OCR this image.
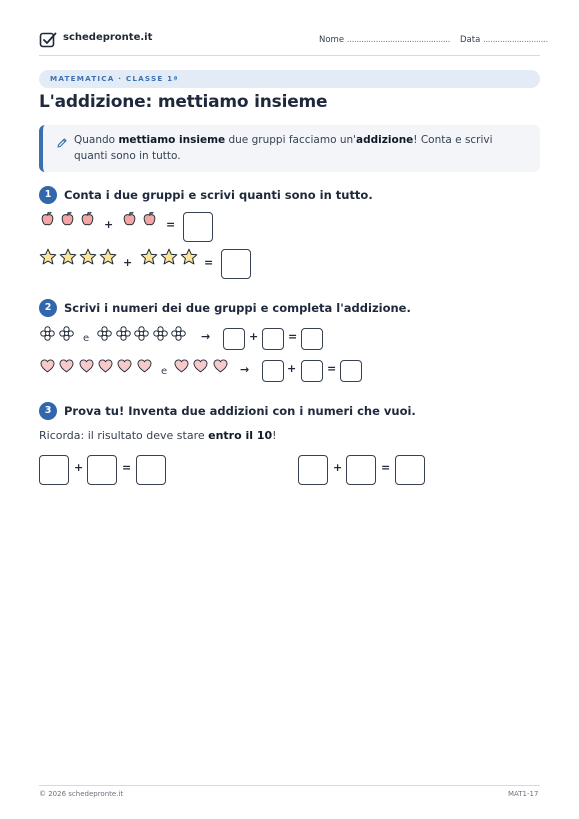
schedepronte.it	Nome ........................................... Data ...........................
MATEMATICA · CLASSE 1ª
L'addizione: mettiamo insieme
Quando mettiamo insieme due gruppi facciamo un'addizione! Conta e scrivi quanti sono in tutto.
1	Conta i due gruppi e scrivi quanti sono in tutto.
2	Scrivi i numeri dei due gruppi e completa l'addizione.
3	Prova tu! Inventa due addizioni con i numeri che vuoi.
+	=
+	=
e	→	+	=
e	→	+	=
Ricorda: il risultato deve stare entro il 10!
+	=	+	=
© 2026 schedepronte.it	MAT1-17
